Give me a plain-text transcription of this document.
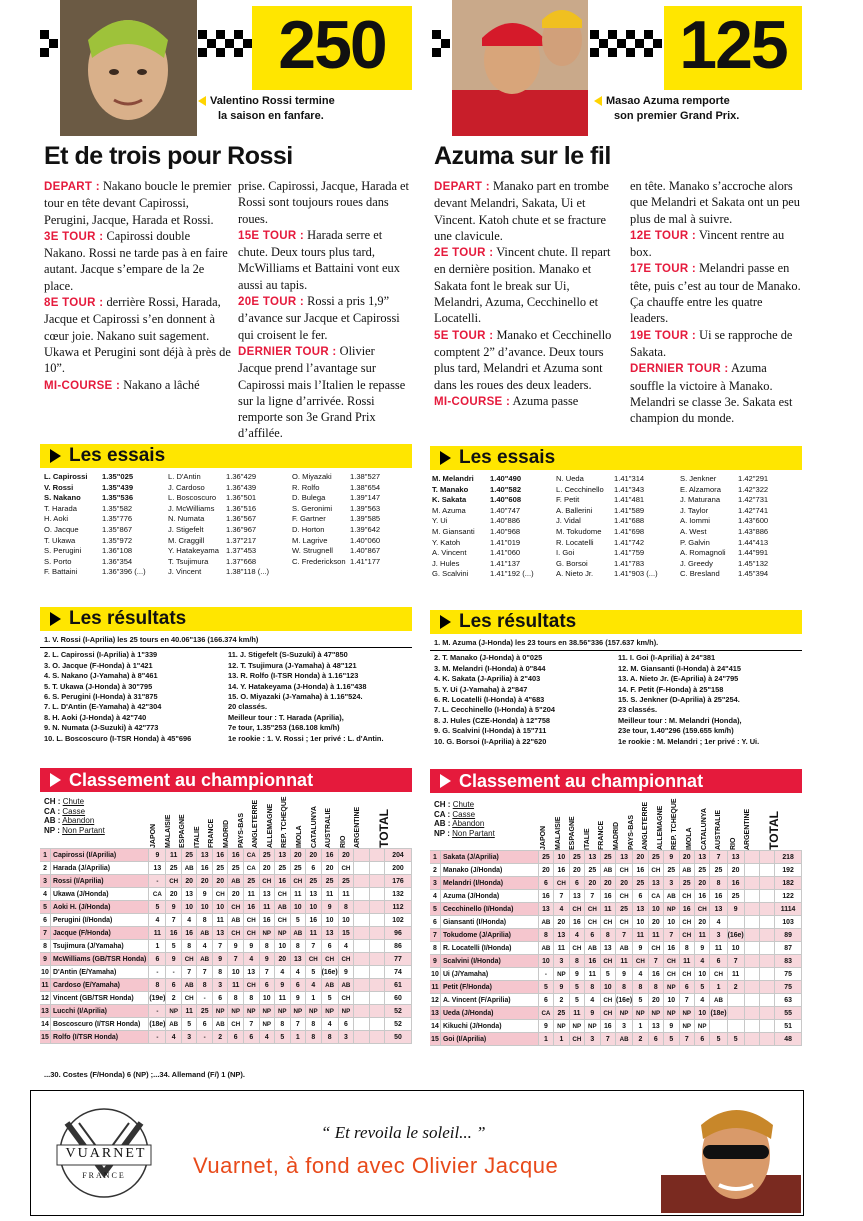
250
Valentino Rossi termine
la saison en fanfare.
125
Masao Azuma remporte
son premier Grand Prix.
Et de trois pour Rossi	Azuma sur le fil

DEPART : Nakano boucle le premier tour en tête devant Capirossi, Perugini, Jacque, Harada et Rossi.

3E TOUR : Capirossi double Nakano. Rossi ne tarde pas à en faire autant. Jacque s’empare de la 2e place.

8E TOUR : derrière Rossi, Harada, Jacque et Capirossi s’en donnent à cœur joie. Nakano suit sagement. Ukawa et Perugini sont déjà à près de 10”.

MI-COURSE : Nakano a lâché

prise. Capirossi, Jacque, Harada et Rossi sont toujours roues dans roues.

15E TOUR : Harada serre et chute. Deux tours plus tard, McWilliams et Battaini vont eux aussi au tapis.

20E TOUR : Rossi a pris 1,9” d’avance sur Jacque et Capirossi qui croisent le fer.

DERNIER TOUR : Olivier Jacque prend l’avantage sur Capirossi mais l’Italien le repasse sur la ligne d’arrivée. Rossi remporte son 3e Grand Prix d’affilée.

DEPART : Manako part en trombe devant Melandri, Sakata, Ui et Vincent. Katoh chute et se fracture une clavicule.

2E TOUR : Vincent chute. Il repart en dernière position. Manako et Sakata font le break sur Ui, Melandri, Azuma, Cecchinello et Locatelli.

5E TOUR : Manako et Cecchinello comptent 2” d’avance. Deux tours plus tard, Melandri et Azuma sont dans les roues des deux leaders.

MI-COURSE : Azuma passe

en tête. Manako s’accroche alors que Melandri et Sakata ont un peu plus de mal à suivre.

12E TOUR : Vincent rentre au box.

17E TOUR : Melandri passe en tête, puis c’est au tour de Manako. Ça chauffe entre les quatre leaders.

19E TOUR : Ui se rapproche de Sakata.

DERNIER TOUR : Azuma souffle la victoire à Manako. Melandri se classe 3e. Sakata est champion du monde.

Les essais
L. Capirossi	1.35"025
V. Rossi	1.35"439
S. Nakano	1.35"536
T. Harada	1.35"582
H. Aoki	1.35"776
O. Jacque	1.35"867
T. Ukawa	1.35"972
S. Perugini	1.36"108
S. Porto	1.36"354
F. Battaini	1.36"396 (...)
L. D'Antin	1.36"429
J. Cardoso	1.36"439
L. Boscoscuro	1.36"501
J. McWilliams	1.36"516
N. Numata	1.36"567
J. Stigefelt	1.36"967
M. Craggill	1.37"217
Y. Hatakeyama 1.37"453
T. Tsujimura	1.37"668
J. Vincent	1.38"118 (...)
O. Miyazaki	1.38"527
R. Rolfo	1.38"654
D. Bulega	1.39"147
S. Geronimi	1.39"563
F. Gartner	1.39"585
D. Horton	1.39"642
M. Lagrive	1.40"060
W. Strugnell	1.40"867
C. Frederickson 1.41"177
Les essais
M. Melandri	1.40"490
T. Manako	1.40"582
K. Sakata	1.40"608
M. Azuma	1.40"747
Y. Ui	1.40"886
M. Giansanti	1.40"968
Y. Katoh	1.41"019
A. Vincent	1.41"060
J. Hules	1.41"137
G. Scalvini	1.41"192 (...)
N. Ueda	1.41"314
L. Cecchinello	1.41"343
F. Petit	1.41"481
A. Ballerini	1.41"589
J. Vidal	1.41"688
M. Tokudome	1.41"698
R. Locatelli	1.41"742
I. Goi	1.41"759
G. Borsoi	1.41"783
A. Nieto Jr.	1.41"903 (...)
S. Jenkner	1.42"291
E. Alzamora	1.42"322
J. Maturana	1.42"731
J. Taylor	1.42"741
A. Iommi	1.43"600
A. West	1.43"886
P. Galvin	1.44"413
A. Romagnoli	1.44"991
J. Greedy	1.45"132
C. Bresland	1.45"394
Les résultats
1. V. Rossi (I-Aprilia) les 25 tours en 40.06"136 (166.374 km/h)
2. L. Capirossi (I-Aprilia) à 1"339
3. O. Jacque (F-Honda) à 1"421
4. S. Nakano (J-Yamaha) à 8"461
5. T. Ukawa (J-Honda) à 30"795
6. S. Perugini (I-Honda) à 31"875
7. L. D'Antin (E-Yamaha) à 42"304
8. H. Aoki (J-Honda) à 42"740
9. N. Numata (J-Suzuki) à 42"773
10. L. Boscoscuro (I-TSR Honda) à 45"696
11. J. Stigefelt (S-Suzuki) à 47"850
12. T. Tsujimura (J-Yamaha) à 48"121
13. R. Rolfo (I-TSR Honda) à 1.16"123
14. Y. Hatakeyama (J-Honda) à 1.16"438
15. O. Miyazaki (J-Yamaha) à 1.16"524.
20 classés.
Meilleur tour : T. Harada (Aprilia),
7e tour, 1.35"253 (168.108 km/h)
1e rookie : 1. V. Rossi ; 1er privé : L. d'Antin.
Les résultats
1. M. Azuma (J-Honda) les 23 tours en 38.56"336 (157.637 km/h).
2. T. Manako (J-Honda) à 0"025
3. M. Melandri (I-Honda) à 0"844
4. K. Sakata (J-Aprilia) à 2"403
5. Y. Ui (J-Yamaha) à 2"847
6. R. Locatelli (I-Honda) à 4"683
7. L. Cecchinello (I-Honda) à 5"204
8. J. Hules (CZE-Honda) à 12"758
9. G. Scalvini (I-Honda) à 15"711
10. G. Borsoi (I-Aprilia) à 22"620
11. I. Goi (I-Aprilia) à 24"381
12. M. Giansanti (I-Honda) à 24"415
13. A. Nieto Jr. (E-Aprilia) à 24"795
14. F. Petit (F-Honda) à 25"158
15. S. Jenkner (D-Aprilia) à 25"254.
23 classés.
Meilleur tour : M. Melandri (Honda),
23e tour, 1.40"296 (159.655 km/h)
1e rookie : M. Melandri ; 1er privé : Y. Ui.
Classement au championnat	Classement au championnat
CH : Chute
CA : Casse
AB : Abandon
NP : Non Partant
CH : Chute
CA : Casse
AB : Abandon
NP : Non Partant
JAPON MALAISIE ESPAGNE ITALIE FRANCE MADRID PAYS-BAS ANGLETERRE ALLEMAGNE REP. TCHEQUE IMOLA CATALUNYA AUSTRALIE RIO ARGENTINE TOTAL	JAPON MALAISIE ESPAGNE ITALIE FRANCE MADRID PAYS-BAS ANGLETERRE ALLEMAGNE REP. TCHEQUE IMOLA CATALUNYA AUSTRALIE RIO ARGENTINE TOTAL
1	Capirossi (I/Aprilia)	9	11	25	13	16	16	CA	25	13	20	20	16	20			204
2	Harada (J/Aprilia)	13	25	AB	16	25	25	CA	20	25	25	6	20	CH			200
3	Rossi (I/Aprilia)	-	CH	20	20	20	AB	25	CH	16	CH	25	25	25			176
4	Ukawa (J/Honda)	CA	20	13	9	CH	20	11	13	CH	11	13	11	11			132
5	Aoki H. (J/Honda)	5	9	10	10	10	CH	16	11	AB	10	10	9	8			112
6	Perugini (I/Honda)	4	7	4	8	11	AB	CH	16	CH	5	16	10	10			102
7	Jacque (F/Honda)	11	16	16	AB	13	CH	CH	NP	NP	AB	11	13	15			96
8	Tsujimura (J/Yamaha)	1	5	8	4	7	9	9	8	10	8	7	6	4			86
9	McWilliams (GB/TSR Honda)	6	9	CH	AB	9	7	4	9	20	13	CH	CH	CH			77
10	D'Antin (E/Yamaha)	-	-	7	7	8	10	13	7	4	4	5	(16e)	9			74
11	Cardoso (E/Yamaha)	8	6	AB	8	3	11	CH	6	9	6	4	AB	AB			61
12	Vincent (GB/TSR Honda)	(19e)	2	CH	-	6	8	8	10	11	9	1	5	CH			60
13	Lucchi (I/Aprilia)	-	NP	11	25	NP	NP	NP	NP	NP	NP	NP	NP	NP			52
14	Boscoscuro (I/TSR Honda)	(18e)	AB	5	6	AB	CH	7	NP	8	7	8	4	6			52
15	Rolfo (I/TSR Honda)	-	4	3	-	2	6	6	4	5	1	8	8	3			50
1	Sakata (J/Aprilia)	25	10	25	13	25	13	20	25	9	20	13	7	13			218
2	Manako (J/Honda)	20	16	20	25	AB	CH	16	CH	25	AB	25	25	20			192
3	Melandri (I/Honda)	6	CH	6	20	20	20	25	13	3	25	20	8	16			182
4	Azuma (J/Honda)	16	7	13	7	16	CH	6	CA	AB	CH	16	16	25			122
5	Cecchinello (I/Honda)	13	4	CH	CH	11	25	13	10	NP	16	CH	13	9			1114
6	Giansanti (I/Honda)	AB	20	16	CH	CH	CH	10	20	10	CH	20	4				103
7	Tokudome (J/Aprilia)	8	13	4	6	8	7	11	11	7	CH	11	3	(16e)			89
8	R. Locatelli (I/Honda)	AB	11	CH	AB	13	AB	9	CH	16	8	9	11	10			87
9	Scalvini (I/Honda)	10	3	8	16	CH	11	CH	7	CH	11	4	6	7			83
10	Ui (J/Yamaha)	-	NP	9	11	5	9	4	16	CH	CH	10	CH	11			75
11	Petit (F/Honda)	5	9	5	8	10	8	8	8	NP	6	5	1	2			75
12	A. Vincent (F/Aprilia)	6	2	5	4	CH	(16e)	5	20	10	7	4	AB				63
13	Ueda (J/Honda)	CA	25	11	9	CH	NP	NP	NP	NP	NP	10	(18e)				55
14	Kikuchi (J/Honda)	9	NP	NP	NP	16	3	1	13	9	NP	NP					51
15	Goi (I/Aprilia)	1	1	CH	3	7	AB	2	6	5	7	6	5	5			48
...30. Costes (F/Honda) 6 (NP) ;...34. Allemand (F/) 1 (NP).
VUARNET
FRANCE
“ Et revoila le soleil... ”
Vuarnet, à fond avec Olivier Jacque
